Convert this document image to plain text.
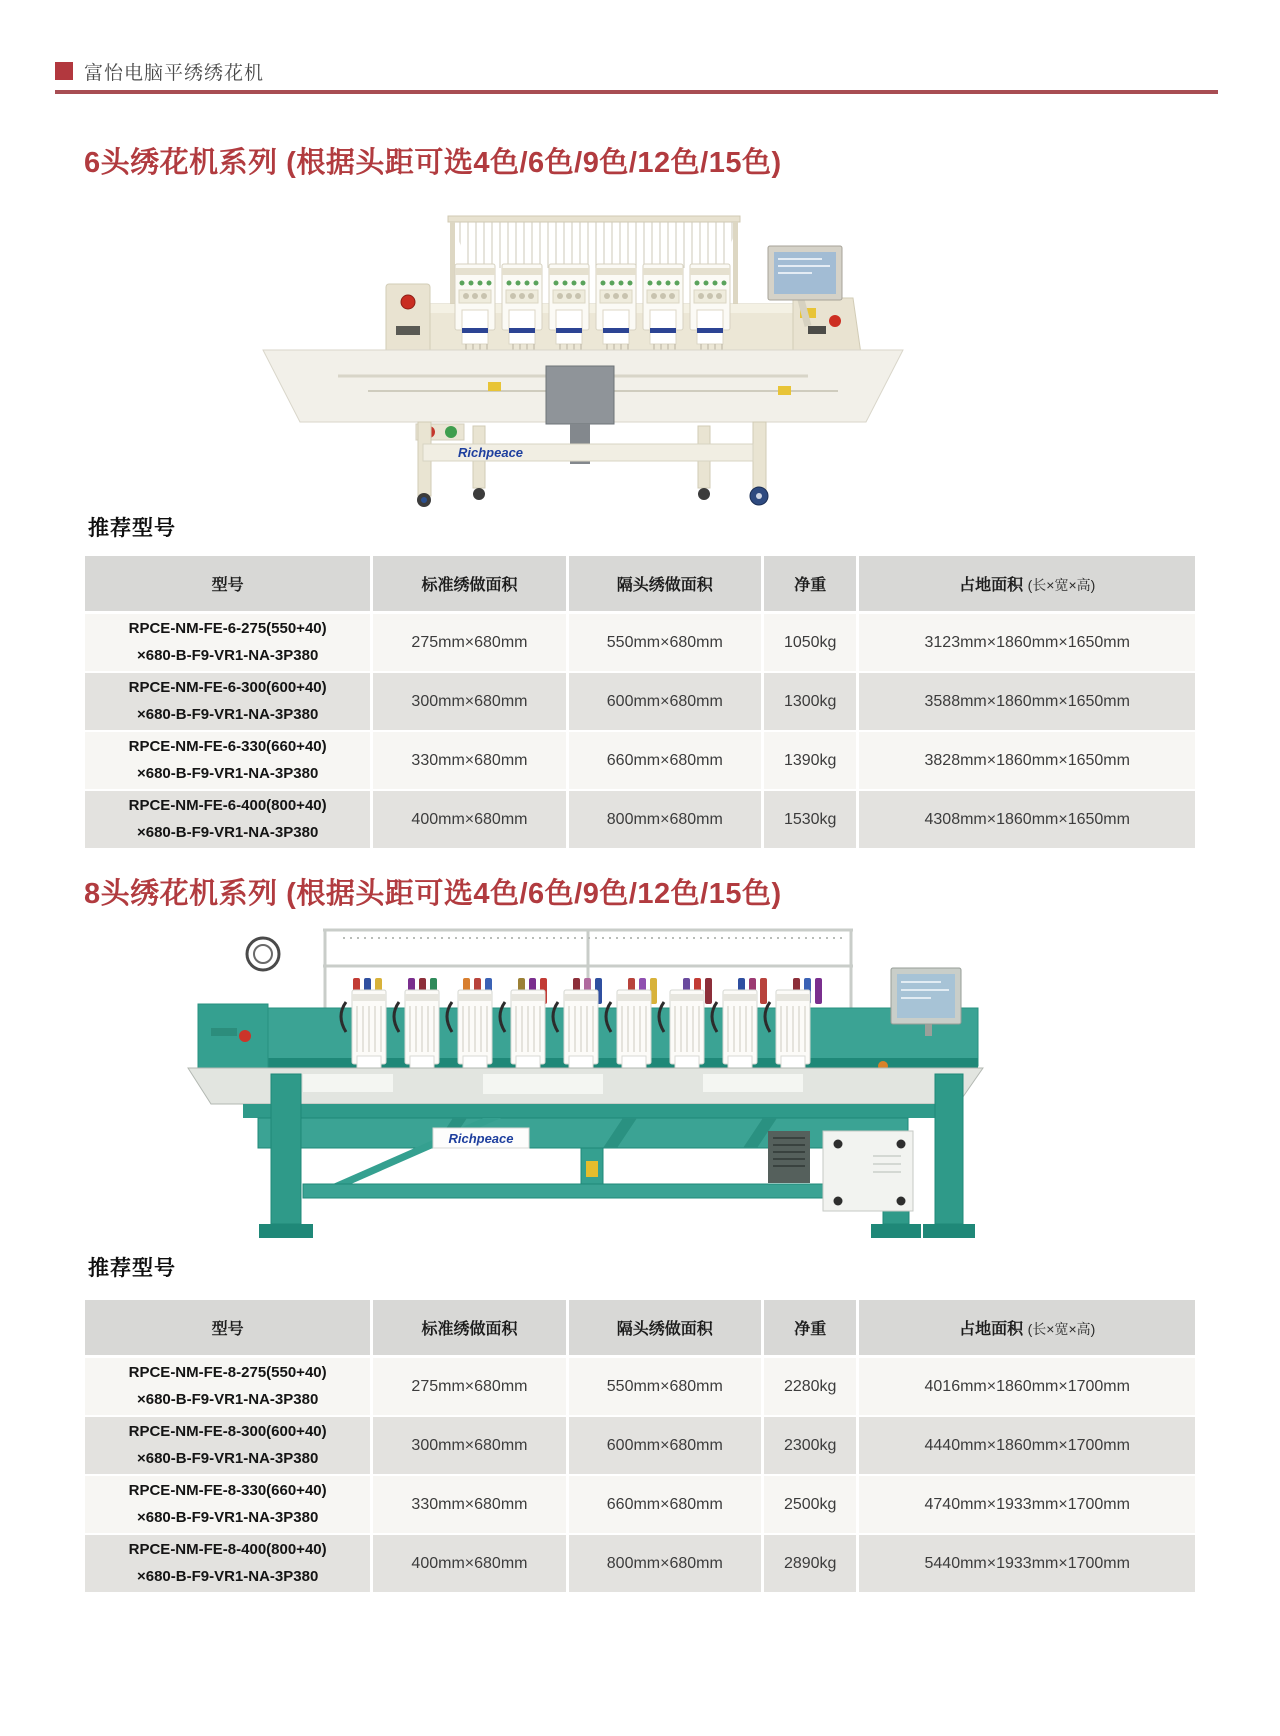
富怡电脑平绣绣花机
6头绣花机系列 (根据头距可选4色/6色/9色/12色/15色)
Richpeace
推荐型号
型号	标准绣做面积	隔头绣做面积	净重	占地面积 (长×宽×高)

RPCE-NM-FE-6-275(550+40)
×680-B-F9-VR1-NA-3P380	275mm×680mm	550mm×680mm	1050kg	3123mm×1860mm×1650mm

RPCE-NM-FE-6-300(600+40)
×680-B-F9-VR1-NA-3P380	300mm×680mm	600mm×680mm	1300kg	3588mm×1860mm×1650mm

RPCE-NM-FE-6-330(660+40)
×680-B-F9-VR1-NA-3P380	330mm×680mm	660mm×680mm	1390kg	3828mm×1860mm×1650mm

RPCE-NM-FE-6-400(800+40)
×680-B-F9-VR1-NA-3P380	400mm×680mm	800mm×680mm	1530kg	4308mm×1860mm×1650mm
8头绣花机系列 (根据头距可选4色/6色/9色/12色/15色)
Richpeace
推荐型号
型号	标准绣做面积	隔头绣做面积	净重	占地面积 (长×宽×高)

RPCE-NM-FE-8-275(550+40)
×680-B-F9-VR1-NA-3P380	275mm×680mm	550mm×680mm	2280kg	4016mm×1860mm×1700mm

RPCE-NM-FE-8-300(600+40)
×680-B-F9-VR1-NA-3P380	300mm×680mm	600mm×680mm	2300kg	4440mm×1860mm×1700mm

RPCE-NM-FE-8-330(660+40)
×680-B-F9-VR1-NA-3P380	330mm×680mm	660mm×680mm	2500kg	4740mm×1933mm×1700mm

RPCE-NM-FE-8-400(800+40)
×680-B-F9-VR1-NA-3P380	400mm×680mm	800mm×680mm	2890kg	5440mm×1933mm×1700mm
